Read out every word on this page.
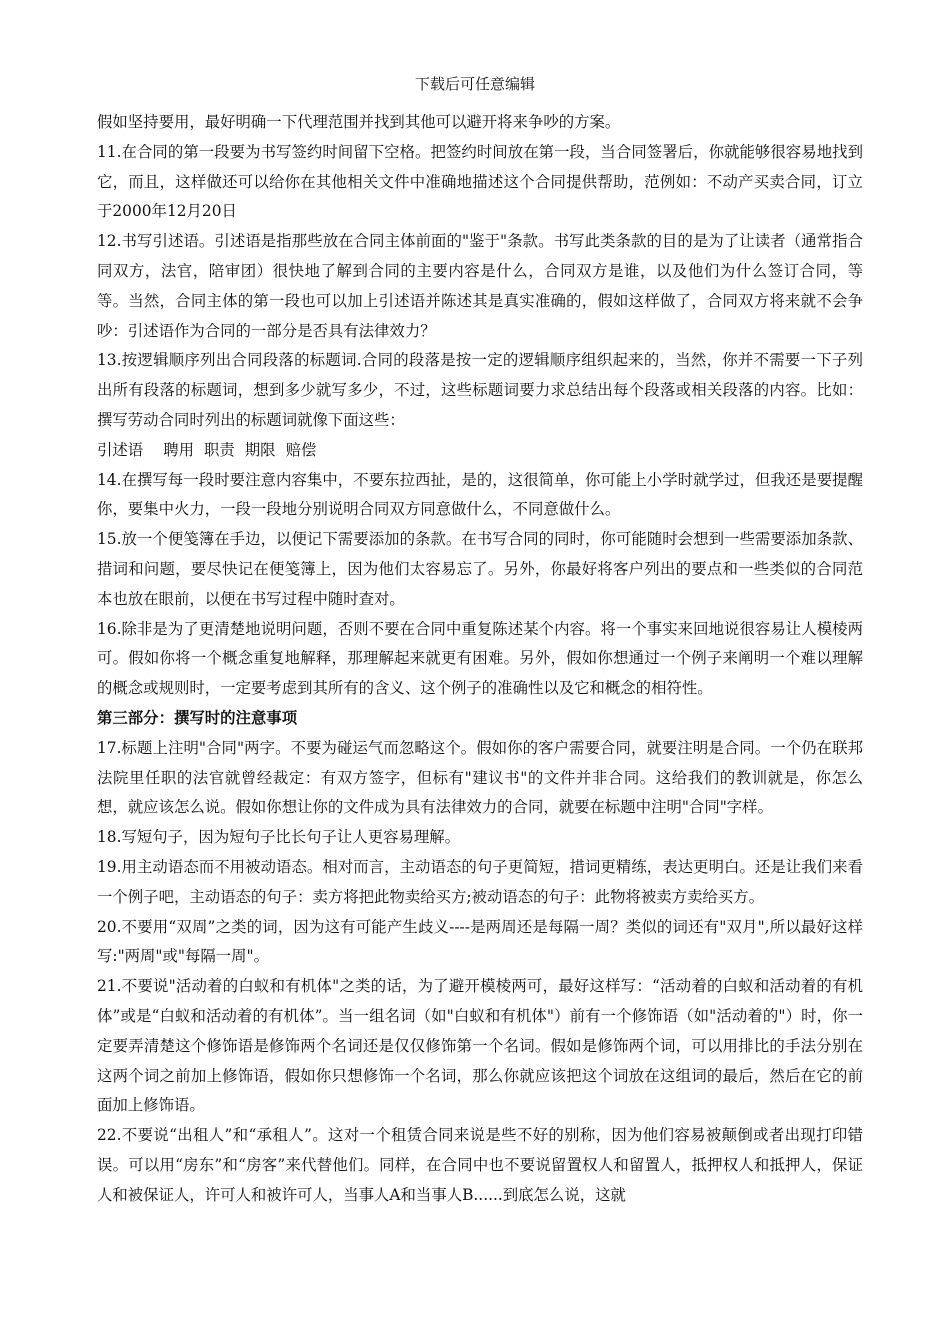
下载后可任意编辑

假如坚持要用，最好明确一下代理范围并找到其他可以避开将来争吵的方案。

11.在合同的第一段要为书写签约时间留下空格。把签约时间放在第一段，当合同签署后，你就能够很容易地找到它，而且，这样做还可以给你在其他相关文件中准确地描述这个合同提供帮助，范例如：不动产买卖合同，订立于2000年12月20日

12.书写引述语。引述语是指那些放在合同主体前面的"鉴于"条款。书写此类条款的目的是为了让读者（通常指合同双方，法官，陪审团）很快地了解到合同的主要内容是什么，合同双方是谁，以及他们为什么签订合同，等等。当然，合同主体的第一段也可以加上引述语并陈述其是真实准确的，假如这样做了，合同双方将来就不会争吵：引述语作为合同的一部分是否具有法律效力？

13.按逻辑顺序列出合同段落的标题词.合同的段落是按一定的逻辑顺序组织起来的，当然，你并不需要一下子列出所有段落的标题词，想到多少就写多少，不过，这些标题词要力求总结出每个段落或相关段落的内容。比如：撰写劳动合同时列出的标题词就像下面这些：

引述语 聘用 职责 期限 赔偿

14.在撰写每一段时要注意内容集中，不要东拉西扯，是的，这很简单，你可能上小学时就学过，但我还是要提醒你，要集中火力，一段一段地分别说明合同双方同意做什么，不同意做什么。

15.放一个便笺簿在手边，以便记下需要添加的条款。在书写合同的同时，你可能随时会想到一些需要添加条款、措词和问题，要尽快记在便笺簿上，因为他们太容易忘了。另外，你最好将客户列出的要点和一些类似的合同范本也放在眼前，以便在书写过程中随时查对。

16.除非是为了更清楚地说明问题，否则不要在合同中重复陈述某个内容。将一个事实来回地说很容易让人模棱两可。假如你将一个概念重复地解释，那理解起来就更有困难。另外，假如你想通过一个例子来阐明一个难以理解的概念或规则时，一定要考虑到其所有的含义、这个例子的准确性以及它和概念的相符性。

第三部分：撰写时的注意事项

17.标题上注明"合同"两字。不要为碰运气而忽略这个。假如你的客户需要合同，就要注明是合同。一个仍在联邦法院里任职的法官就曾经裁定：有双方签字，但标有"建议书"的文件并非合同。这给我们的教训就是，你怎么想，就应该怎么说。假如你想让你的文件成为具有法律效力的合同，就要在标题中注明"合同"字样。

18.写短句子，因为短句子比长句子让人更容易理解。

19.用主动语态而不用被动语态。相对而言，主动语态的句子更简短，措词更精练，表达更明白。还是让我们来看一个例子吧，主动语态的句子：卖方将把此物卖给买方;被动语态的句子：此物将被卖方卖给买方。

20.不要用“双周”之类的词，因为这有可能产生歧义----是两周还是每隔一周？类似的词还有"双月",所以最好这样写:"两周"或"每隔一周"。

21.不要说"活动着的白蚁和有机体"之类的话，为了避开模棱两可，最好这样写：“活动着的白蚁和活动着的有机体”或是“白蚁和活动着的有机体”。当一组名词（如"白蚁和有机体"）前有一个修饰语（如"活动着的"）时，你一定要弄清楚这个修饰语是修饰两个名词还是仅仅修饰第一个名词。假如是修饰两个词，可以用排比的手法分别在这两个词之前加上修饰语，假如你只想修饰一个名词，那么你就应该把这个词放在这组词的最后，然后在它的前面加上修饰语。

22.不要说“出租人”和“承租人”。这对一个租赁合同来说是些不好的别称，因为他们容易被颠倒或者出现打印错误。可以用“房东”和“房客”来代替他们。同样，在合同中也不要说留置权人和留置人，抵押权人和抵押人，保证人和被保证人，许可人和被许可人，当事人A和当事人B......到底怎么说，这就
